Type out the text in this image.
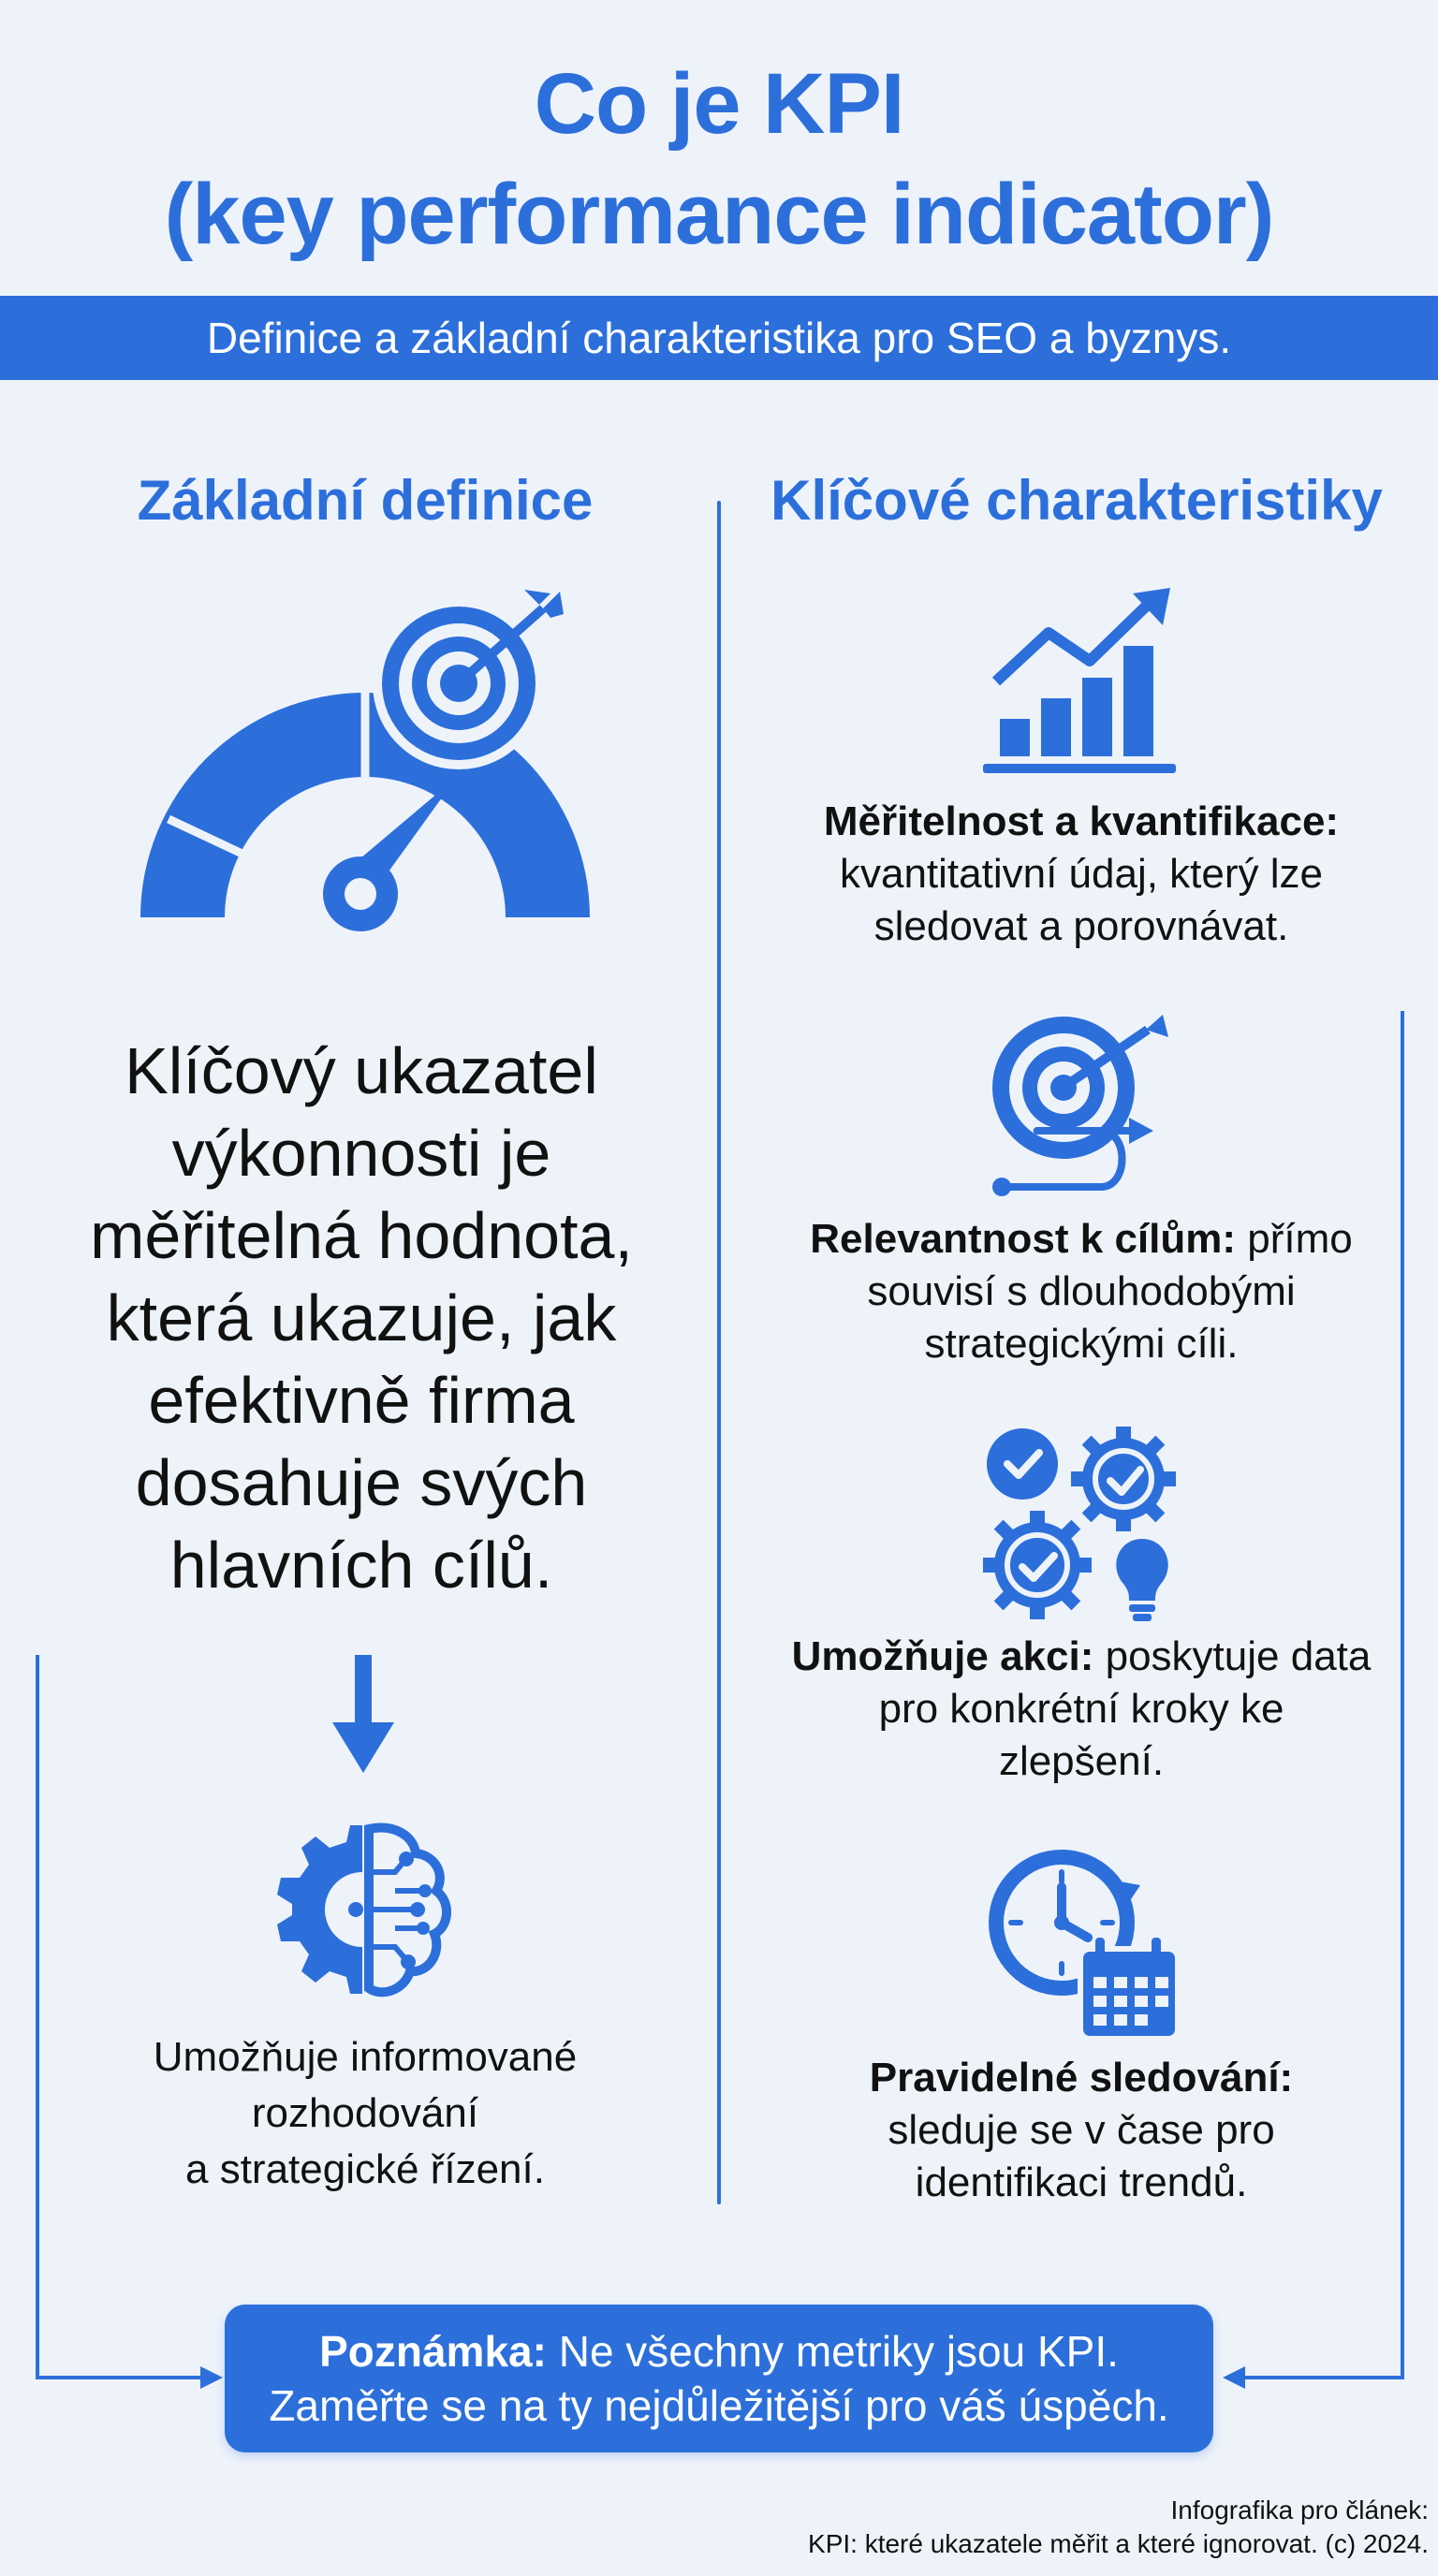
Co je KPI
(key performance indicator)
Definice a základní charakteristika pro SEO a byznys.
Základní definice	Klíčové charakteristiky
Klíčový ukazatel výkonnosti je měřitelná hodnota, která ukazuje, jak efektivně firma dosahuje svých hlavních cílů.
Umožňuje informované
rozhodování
a strategické řízení.
Měřitelnost a kvantifikace: kvantitativní údaj, který lze sledovat a porovnávat.
Relevantnost k cílům: přímo souvisí s dlouhodobými strategickými cíli.
Umožňuje akci: poskytuje data pro konkrétní kroky ke zlepšení.
Pravidelné sledování:
sleduje se v čase pro identifikaci trendů.
Poznámka: Ne všechny metriky jsou KPI.
Zaměřte se na ty nejdůležitější pro váš úspěch.
Infografika pro článek:
KPI: které ukazatele měřit a které ignorovat. (c) 2024.
